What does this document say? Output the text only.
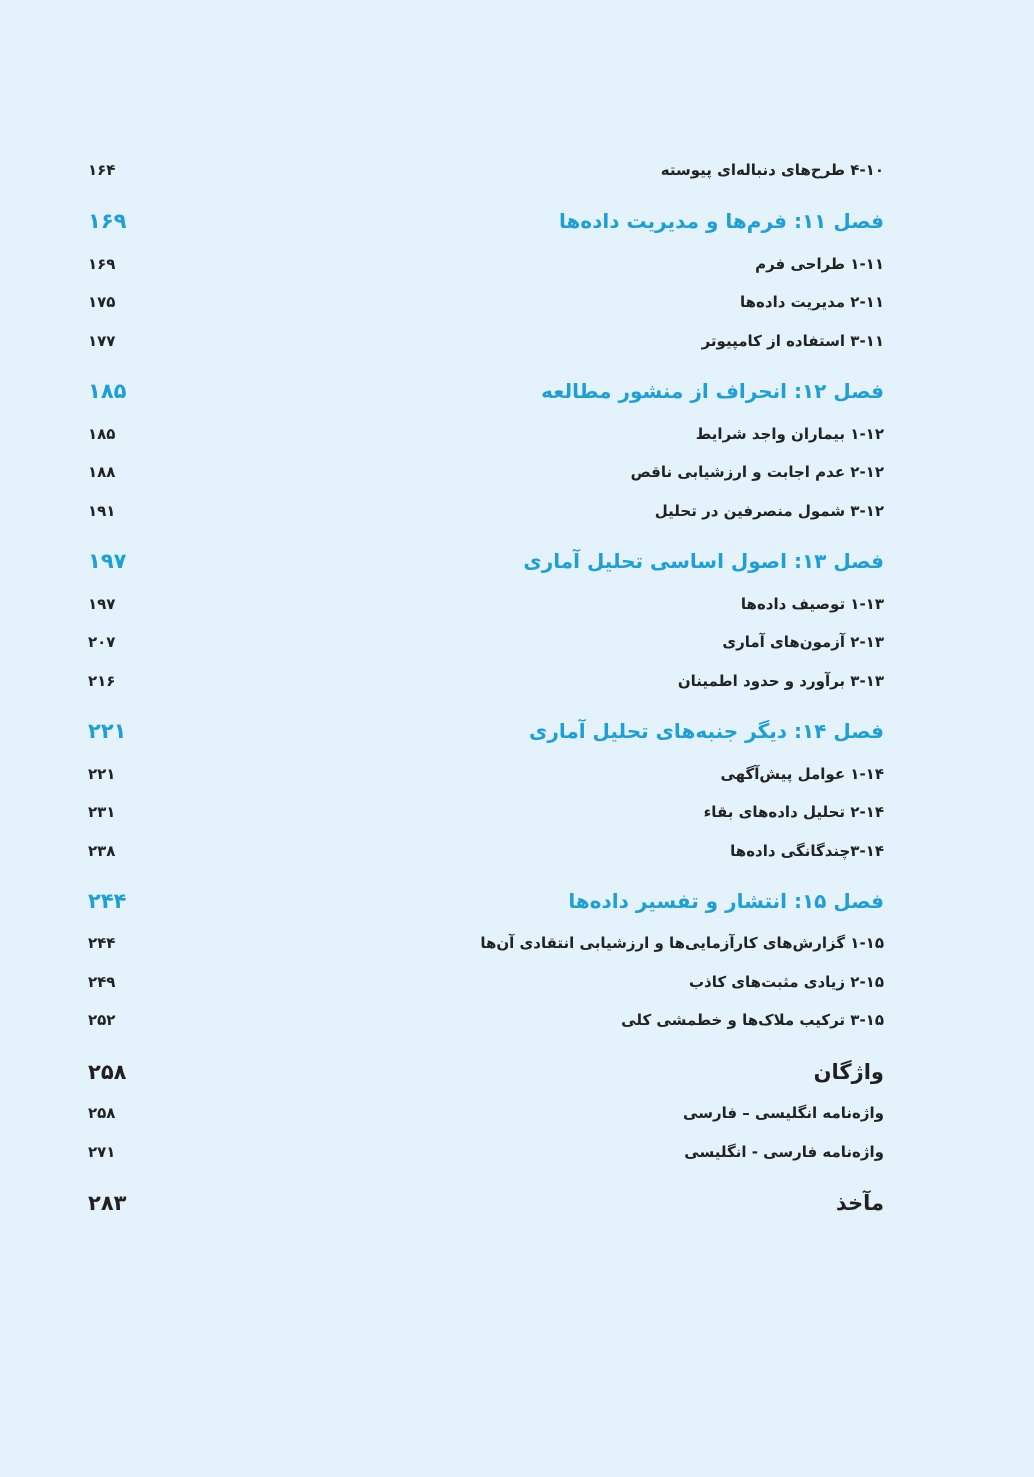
۱۶۴	۴-۱۰ طرح‌های دنباله‌ای پیوسته
۱۶۹	فصل ۱۱: فرم‌ها و مدیریت داده‌ها
۱۶۹	۱-۱۱ طراحی فرم
۱۷۵	۲-۱۱ مدیریت داده‌ها
۱۷۷	۳-۱۱ استفاده از کامپیوتر
۱۸۵	فصل ۱۲: انحراف از منشور مطالعه
۱۸۵	۱-۱۲ بیماران واجد شرایط
۱۸۸	۲-۱۲ عدم اجابت و ارزشیابی ناقص
۱۹۱	۳-۱۲ شمول منصرفین در تحلیل
۱۹۷	فصل ۱۳: اصول اساسی تحلیل آماری
۱۹۷	۱-۱۳ توصیف داده‌ها
۲۰۷	۲-۱۳ آزمون‌های آماری
۲۱۶	۳-۱۳ برآورد و حدود اطمینان
۲۲۱	فصل ۱۴: دیگر جنبه‌های تحلیل آماری
۲۲۱	۱-۱۴ عوامل پیش‌آگهی
۲۳۱	۲-۱۴ تحلیل داده‌های بقاء
۲۳۸	۳-۱۴چندگانگی داده‌ها
۲۴۴	فصل ۱۵: انتشار و تفسیر داده‌ها
۲۴۴	۱-۱۵ گزارش‌های کارآزمایی‌ها و ارزشیابی انتقادی آن‌ها
۲۴۹	۲-۱۵ زیادی مثبت‌های کاذب
۲۵۲	۳-۱۵ ترکیب ملاک‌ها و خطمشی کلی
۲۵۸	واژگان
۲۵۸	واژه‌نامه انگلیسی – فارسی
۲۷۱	واژه‌نامه فارسی - انگلیسی
۲۸۳	مآخذ
